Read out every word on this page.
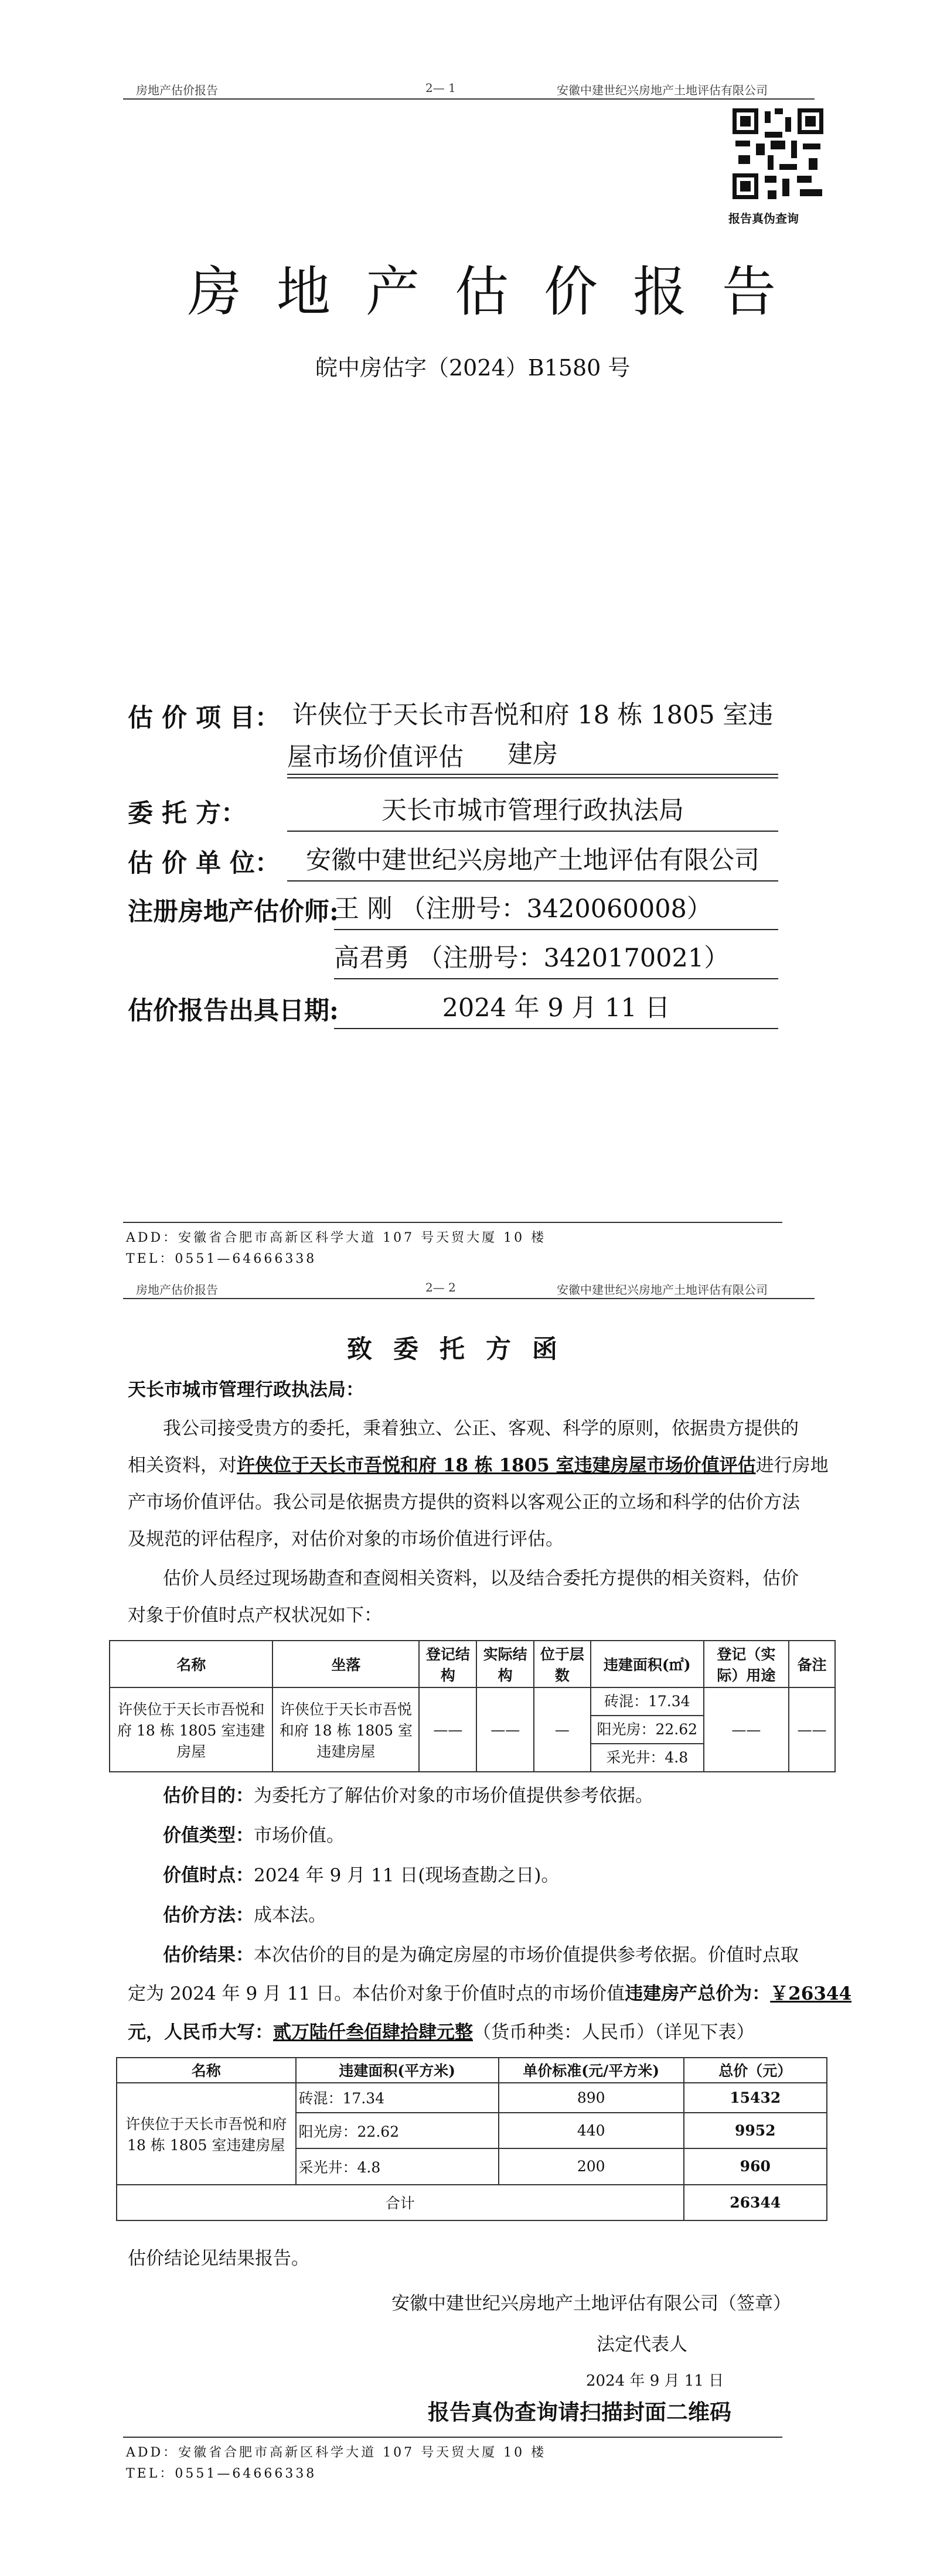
房地产估价报告	2— 1	安徽中建世纪兴房地产土地评估有限公司
报告真伪查询
房地产估价报告
皖中房估字（2024）B1580 号
估 价 项 目： 许侠位于天长市吾悦和府 18 栋 1805 室违建房
屋市场价值评估
委 托 方：	天长市城市管理行政执法局
估 价 单 位：	安徽中建世纪兴房地产土地评估有限公司
注册房地产估价师:
王 刚 （注册号：3420060008）
高君勇 （注册号：3420170021）
估价报告出具日期:	2024 年 9 月 11 日
ADD：安徽省合肥市高新区科学大道 107 号天贸大厦 10 楼
TEL：0551—64666338
房地产估价报告	2— 2	安徽中建世纪兴房地产土地评估有限公司
致委托方函
天长市城市管理行政执法局：
我公司接受贵方的委托，秉着独立、公正、客观、科学的原则，依据贵方提供的
相关资料，对许侠位于天长市吾悦和府 18 栋 1805 室违建房屋市场价值评估进行房地
产市场价值评估。我公司是依据贵方提供的资料以客观公正的立场和科学的估价方法
及规范的评估程序，对估价对象的市场价值进行评估。
估价人员经过现场勘查和查阅相关资料，以及结合委托方提供的相关资料，估价
对象于价值时点产权状况如下：
名称	坐落	登记结构	实际结构	位于层数	违建面积(㎡)	登记（实际）用途	备注
许侠位于天长市吾悦和府 18 栋 1805 室违建房屋	许侠位于天长市吾悦和府 18 栋 1805 室违建房屋	——	——	—	砖混：17.34
阳光房：22.62
采光井：4.8	——	——
估价目的：为委托方了解估价对象的市场价值提供参考依据。
价值类型：市场价值。
价值时点：2024 年 9 月 11 日(现场查勘之日)。
估价方法：成本法。
估价结果：本次估价的目的是为确定房屋的市场价值提供参考依据。价值时点取
定为 2024 年 9 月 11 日。本估价对象于价值时点的市场价值违建房产总价为：￥26344
元，人民币大写：贰万陆仟叁佰肆拾肆元整（货币种类：人民币）（详见下表）
名称	违建面积(平方米)	单价标准(元/平方米)	总价（元）
许侠位于天长市吾悦和府 18 栋 1805 室违建房屋	砖混：17.34	890	15432
	阳光房：22.62	440	9952
	采光井：4.8	200	960
合计			26344
估价结论见结果报告。
安徽中建世纪兴房地产土地评估有限公司（签章）
法定代表人
2024 年 9 月 11 日
报告真伪查询请扫描封面二维码
ADD：安徽省合肥市高新区科学大道 107 号天贸大厦 10 楼
TEL：0551—64666338
